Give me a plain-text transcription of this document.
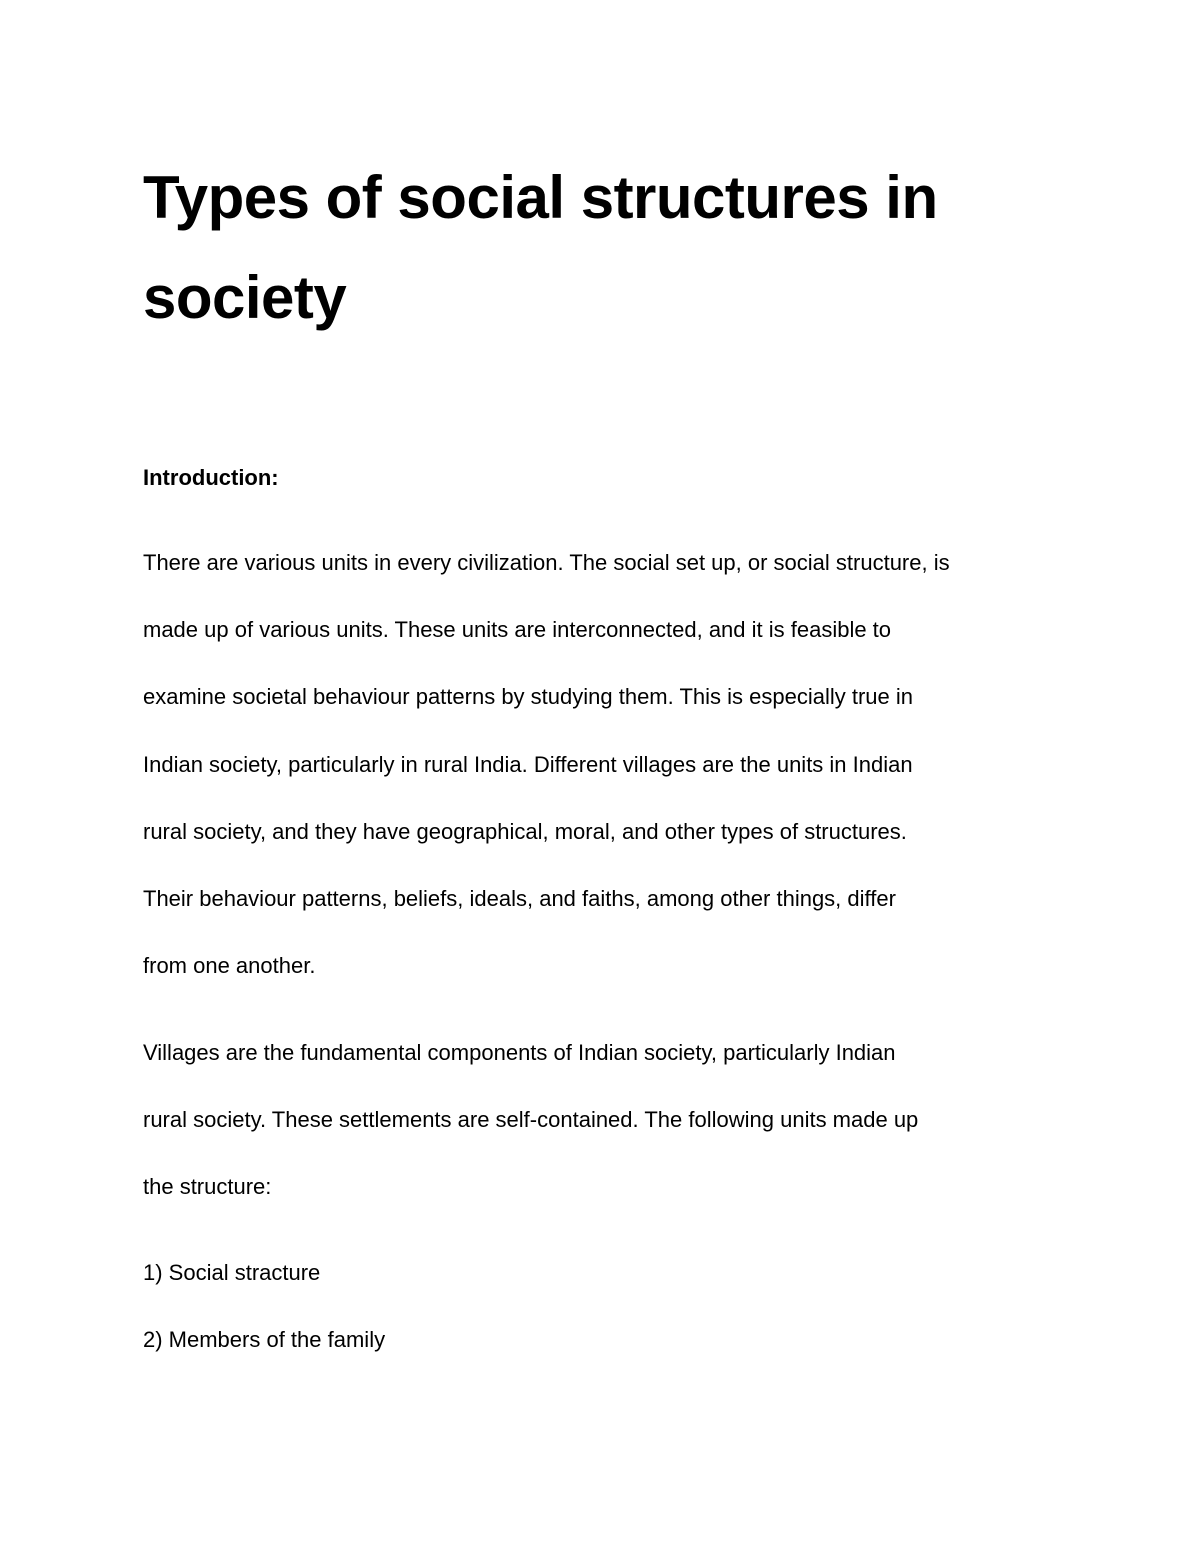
Types of social structures in society

Introduction:

There are various units in every civilization. The social set up, or social structure, is

made up of various units. These units are interconnected, and it is feasible to

examine societal behaviour patterns by studying them. This is especially true in

Indian society, particularly in rural India. Different villages are the units in Indian

rural society, and they have geographical, moral, and other types of structures.

Their behaviour patterns, beliefs, ideals, and faiths, among other things, differ

from one another.

Villages are the fundamental components of Indian society, particularly Indian

rural society. These settlements are self-contained. The following units made up

the structure:

1) Social stracture

2) Members of the family
